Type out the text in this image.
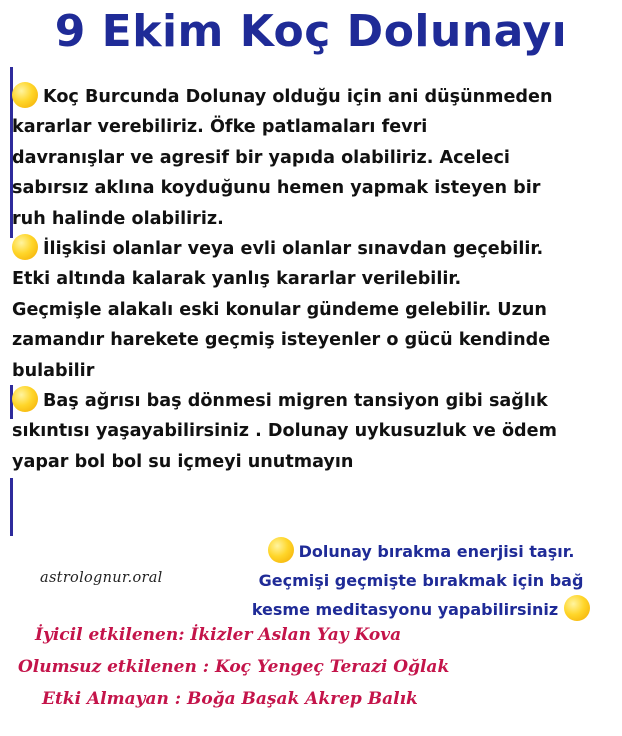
9 Ekim Koç Dolunayı

Koç Burcunda Dolunay olduğu için ani düşünmeden
kararlar verebiliriz. Öfke patlamaları fevri
davranışlar ve agresif bir yapıda olabiliriz. Aceleci
sabırsız aklına koyduğunu hemen yapmak isteyen bir
ruh halinde olabiliriz.

İlişkisi olanlar veya evli olanlar sınavdan geçebilir.
Etki altında kalarak yanlış kararlar verilebilir.
Geçmişle alakalı eski konular gündeme gelebilir. Uzun
zamandır harekete geçmiş isteyenler o gücü kendinde
bulabilir

Baş ağrısı baş dönmesi migren tansiyon gibi sağlık
sıkıntısı yaşayabilirsiniz . Dolunay uykusuzluk ve ödem
yapar bol bol su içmeyi unutmayın

Dolunay bırakma enerjisi taşır.
Geçmişi geçmişte bırakmak için bağ
kesme meditasyonu yapabilirsiniz
astrolognur.oral
İyicil etkilenen: İkizler Aslan Yay Kova
Olumsuz etkilenen : Koç Yengeç Terazi Oğlak
Etki Almayan : Boğa Başak Akrep Balık
